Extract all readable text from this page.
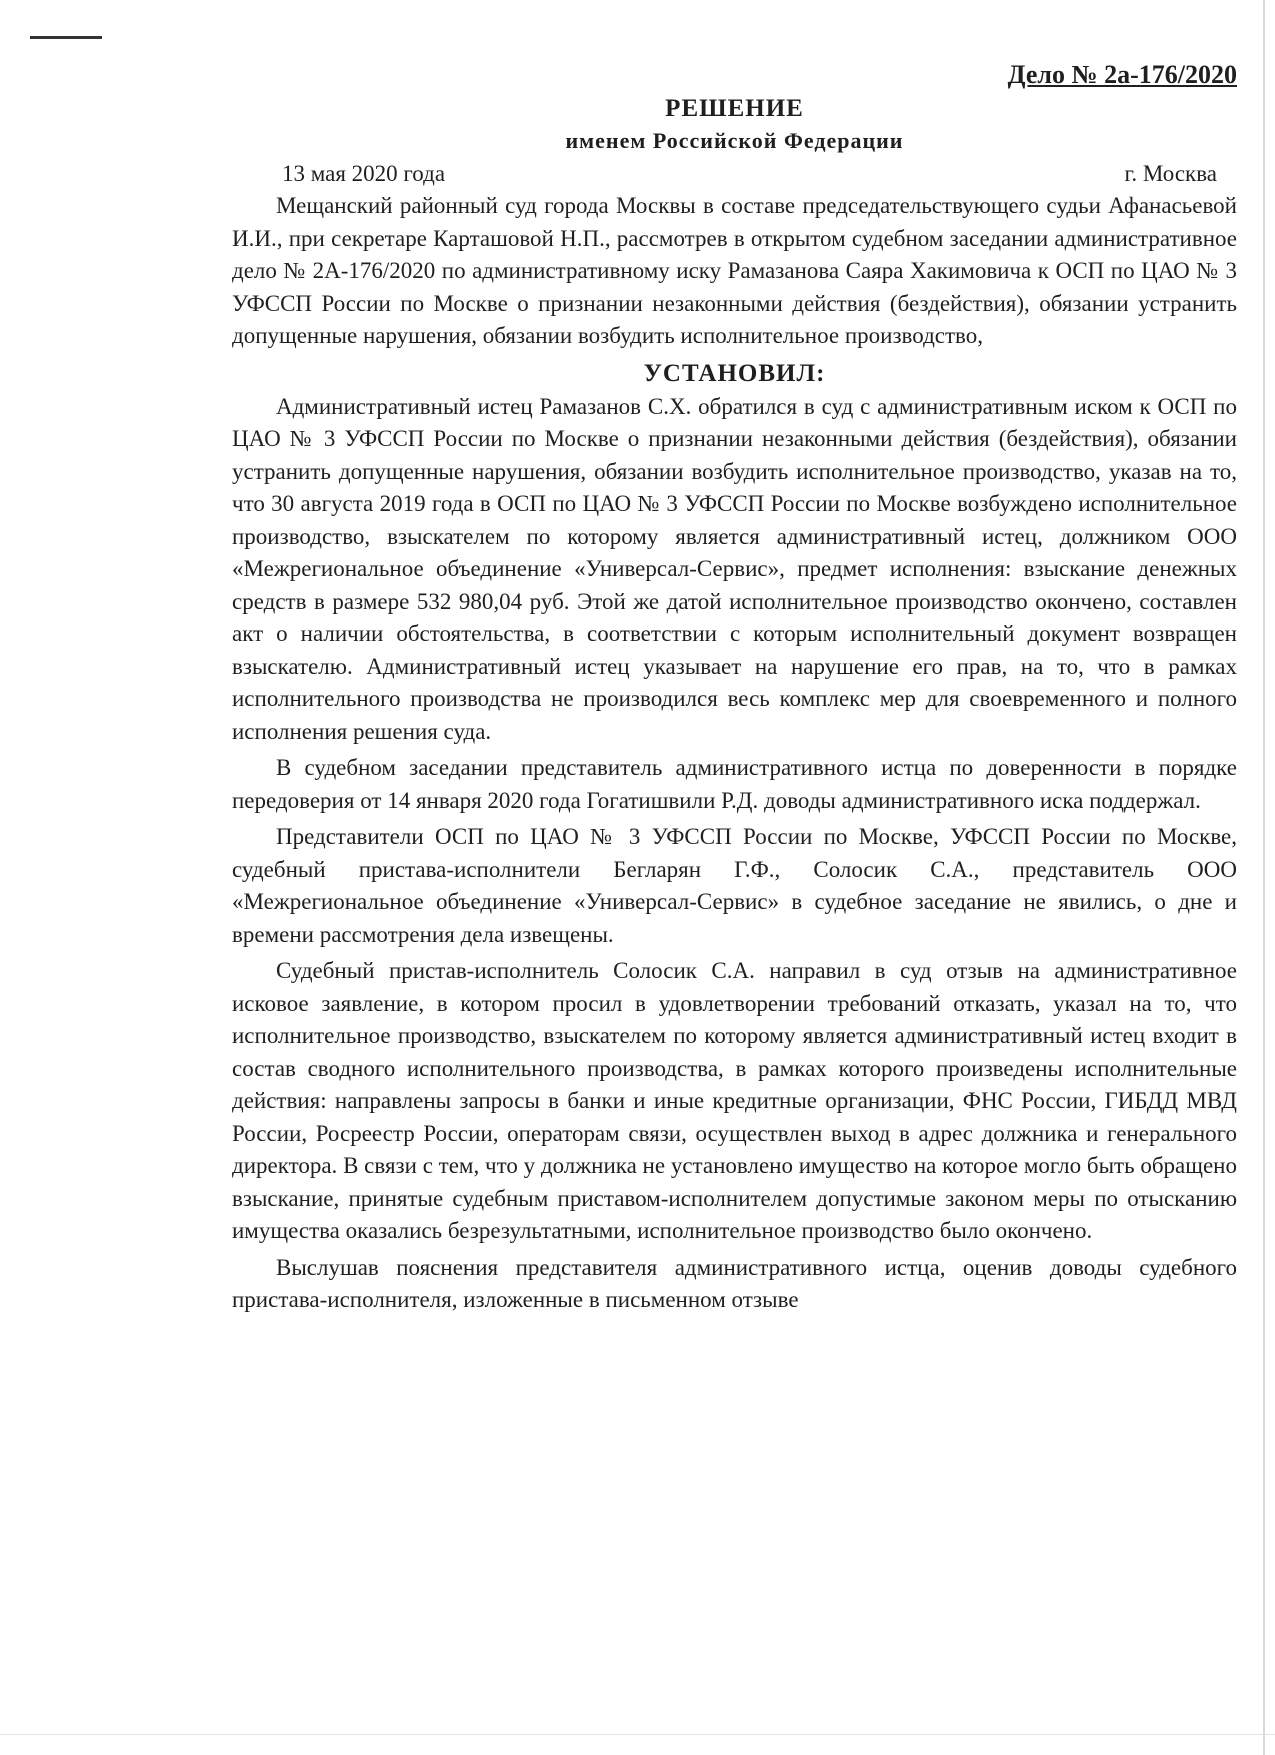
Дело № 2а-176/2020

РЕШЕНИЕ

именем Российской Федерации

13 мая 2020 года	г. Москва

Мещанский районный суд города Москвы в составе председательствующего судьи Афанасьевой И.И., при секретаре Карташовой Н.П., рассмотрев в открытом судебном заседании административное дело № 2А-176/2020 по административному иску Рамазанова Саяра Хакимовича к ОСП по ЦАО № 3 УФССП России по Москве о признании незаконными действия (бездействия), обязании устранить допущенные нарушения, обязании возбудить исполнительное производство,

УСТАНОВИЛ:

Административный истец Рамазанов С.Х. обратился в суд с административным иском к ОСП по ЦАО № 3 УФССП России по Москве о признании незаконными действия (бездействия), обязании устранить допущенные нарушения, обязании возбудить исполнительное производство, указав на то, что 30 августа 2019 года в ОСП по ЦАО № 3 УФССП России по Москве возбуждено исполнительное производство, взыскателем по которому является административный истец, должником ООО «Межрегиональное объединение «Универсал-Сервис», предмет исполнения: взыскание денежных средств в размере 532 980,04 руб. Этой же датой исполнительное производство окончено, составлен акт о наличии обстоятельства, в соответствии с которым исполнительный документ возвращен взыскателю. Административный истец указывает на нарушение его прав, на то, что в рамках исполнительного производства не производился весь комплекс мер для своевременного и полного исполнения решения суда.

В судебном заседании представитель административного истца по доверенности в порядке передоверия от 14 января 2020 года Гогатишвили Р.Д. доводы административного иска поддержал.

Представители ОСП по ЦАО № 3 УФССП России по Москве, УФССП России по Москве, судебный пристава-исполнители Бегларян Г.Ф., Солосик С.А., представитель ООО «Межрегиональное объединение «Универсал-Сервис» в судебное заседание не явились, о дне и времени рассмотрения дела извещены.

Судебный пристав-исполнитель Солосик С.А. направил в суд отзыв на административное исковое заявление, в котором просил в удовлетворении требований отказать, указал на то, что исполнительное производство, взыскателем по которому является административный истец входит в состав сводного исполнительного производства, в рамках которого произведены исполнительные действия: направлены запросы в банки и иные кредитные организации, ФНС России, ГИБДД МВД России, Росреестр России, операторам связи, осуществлен выход в адрес должника и генерального директора. В связи с тем, что у должника не установлено имущество на которое могло быть обращено взыскание, принятые судебным приставом-исполнителем допустимые законом меры по отысканию имущества оказались безрезультатными, исполнительное производство было окончено.

Выслушав пояснения представителя административного истца, оценив доводы судебного пристава-исполнителя, изложенные в письменном отзыве
